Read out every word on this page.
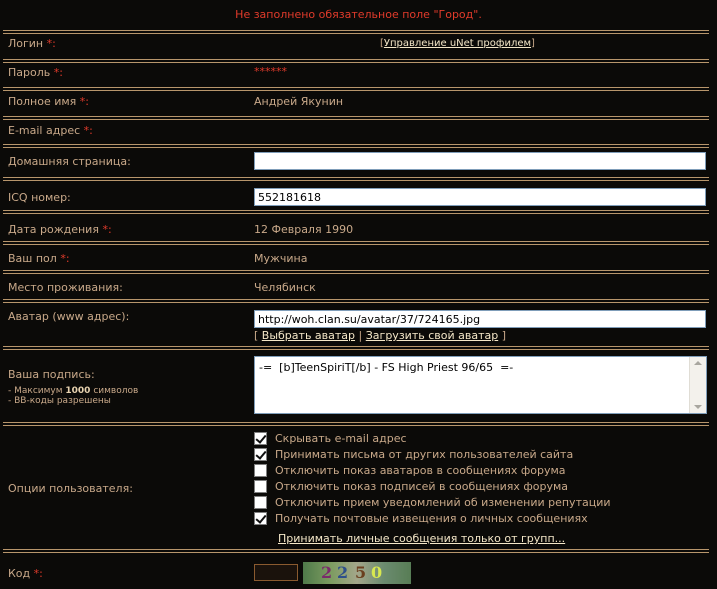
Не заполнено обязательное поле "Город".
Логин *:	[Управление uNet профилем]
Пароль *:	******
Полное имя *:	Андрей Якунин
E-mail адрес *:
Домашняя страница:
ICQ номер:	552181618
Дата рождения *:	12 Февраля 1990
Ваш пол *:	Мужчина
Место проживания:	Челябинск
Аватар (www адрес):	http://woh.clan.su/avatar/37/724165.jpg
[ Выбрать аватар | Загрузить свой аватар ]
Ваша подпись:
- Максимум 1000 символов
- BB-коды разрешены
-=  [b]TeenSpiriT[/b] - FS High Priest 96/65  =-
Опции пользователя:
Скрывать e-mail адрес
Принимать письма от других пользователей сайта
Отключить показ аватаров в сообщениях форума
Отключить показ подписей в сообщениях форума
Отключить прием уведомлений об изменении репутации
Получать почтовые извещения о личных сообщениях
Принимать личные сообщения только от групп...
Код *:	2 2 5 0
